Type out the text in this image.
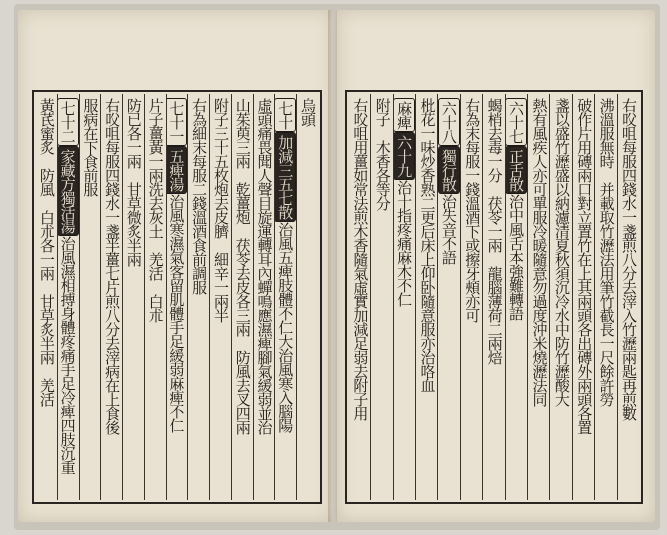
烏頭
七十加減三五七散治風五痺肢體不仁大治風寒入腦陽
虛頭痛畏聞人聲目旋運轉耳內蟬鳴應濕痺腳氣緩弱並治
山茱萸三兩　乾薑炮　茯苓去皮各三兩　防風去叉四兩
附子三十五枚炮去皮臍　細辛一兩半
右為細末每服二錢溫酒食前調服
七十一五痺湯治風寒濕氣客留肌體手足緩弱麻痺不仁
片子薑黃一兩洗去灰土　羌活　白朮
防已各一兩　甘草微炙半兩
右㕮咀每服四錢水一盞半薑七片煎八分去滓病在上食後
服病在下食前服
七十二家藏方獨活湯治風濕相搏身體疼痛手足冷痺四肢沉重
黃芪蜜炙　防風　白朮各一兩　甘草炙半兩　羌活	右㕮咀每服四錢水一盞煎八分去滓入竹瀝兩匙再煎數
沸溫服無時　并載取竹瀝法用筆竹截長一尺餘許勞
破作片用磚兩口對立置竹在上其兩頭各出磚外兩頭各置
盞以盛竹瀝盛以納濾清夏秋須沉冷水中防竹瀝酸大
熱有風疾人亦可單服冷暖隨意勿過度沖米燒瀝法同
六十七正舌散治中風舌本強難轉語
蝎梢去毒一分　茯苓一兩　龍腦薄荷二兩焙
右為末每服一錢溫酒下或擦牙頰亦可
六十八獨行散治失音不語
枇花一味炒香熟二更后床上仰卧隨意服亦治咯血
麻痺六十九治十指疼痛麻木不仁
附子　木香各等分
右㕮咀用薑如常法煎木香隨氣虛實加減足弱去附子用
